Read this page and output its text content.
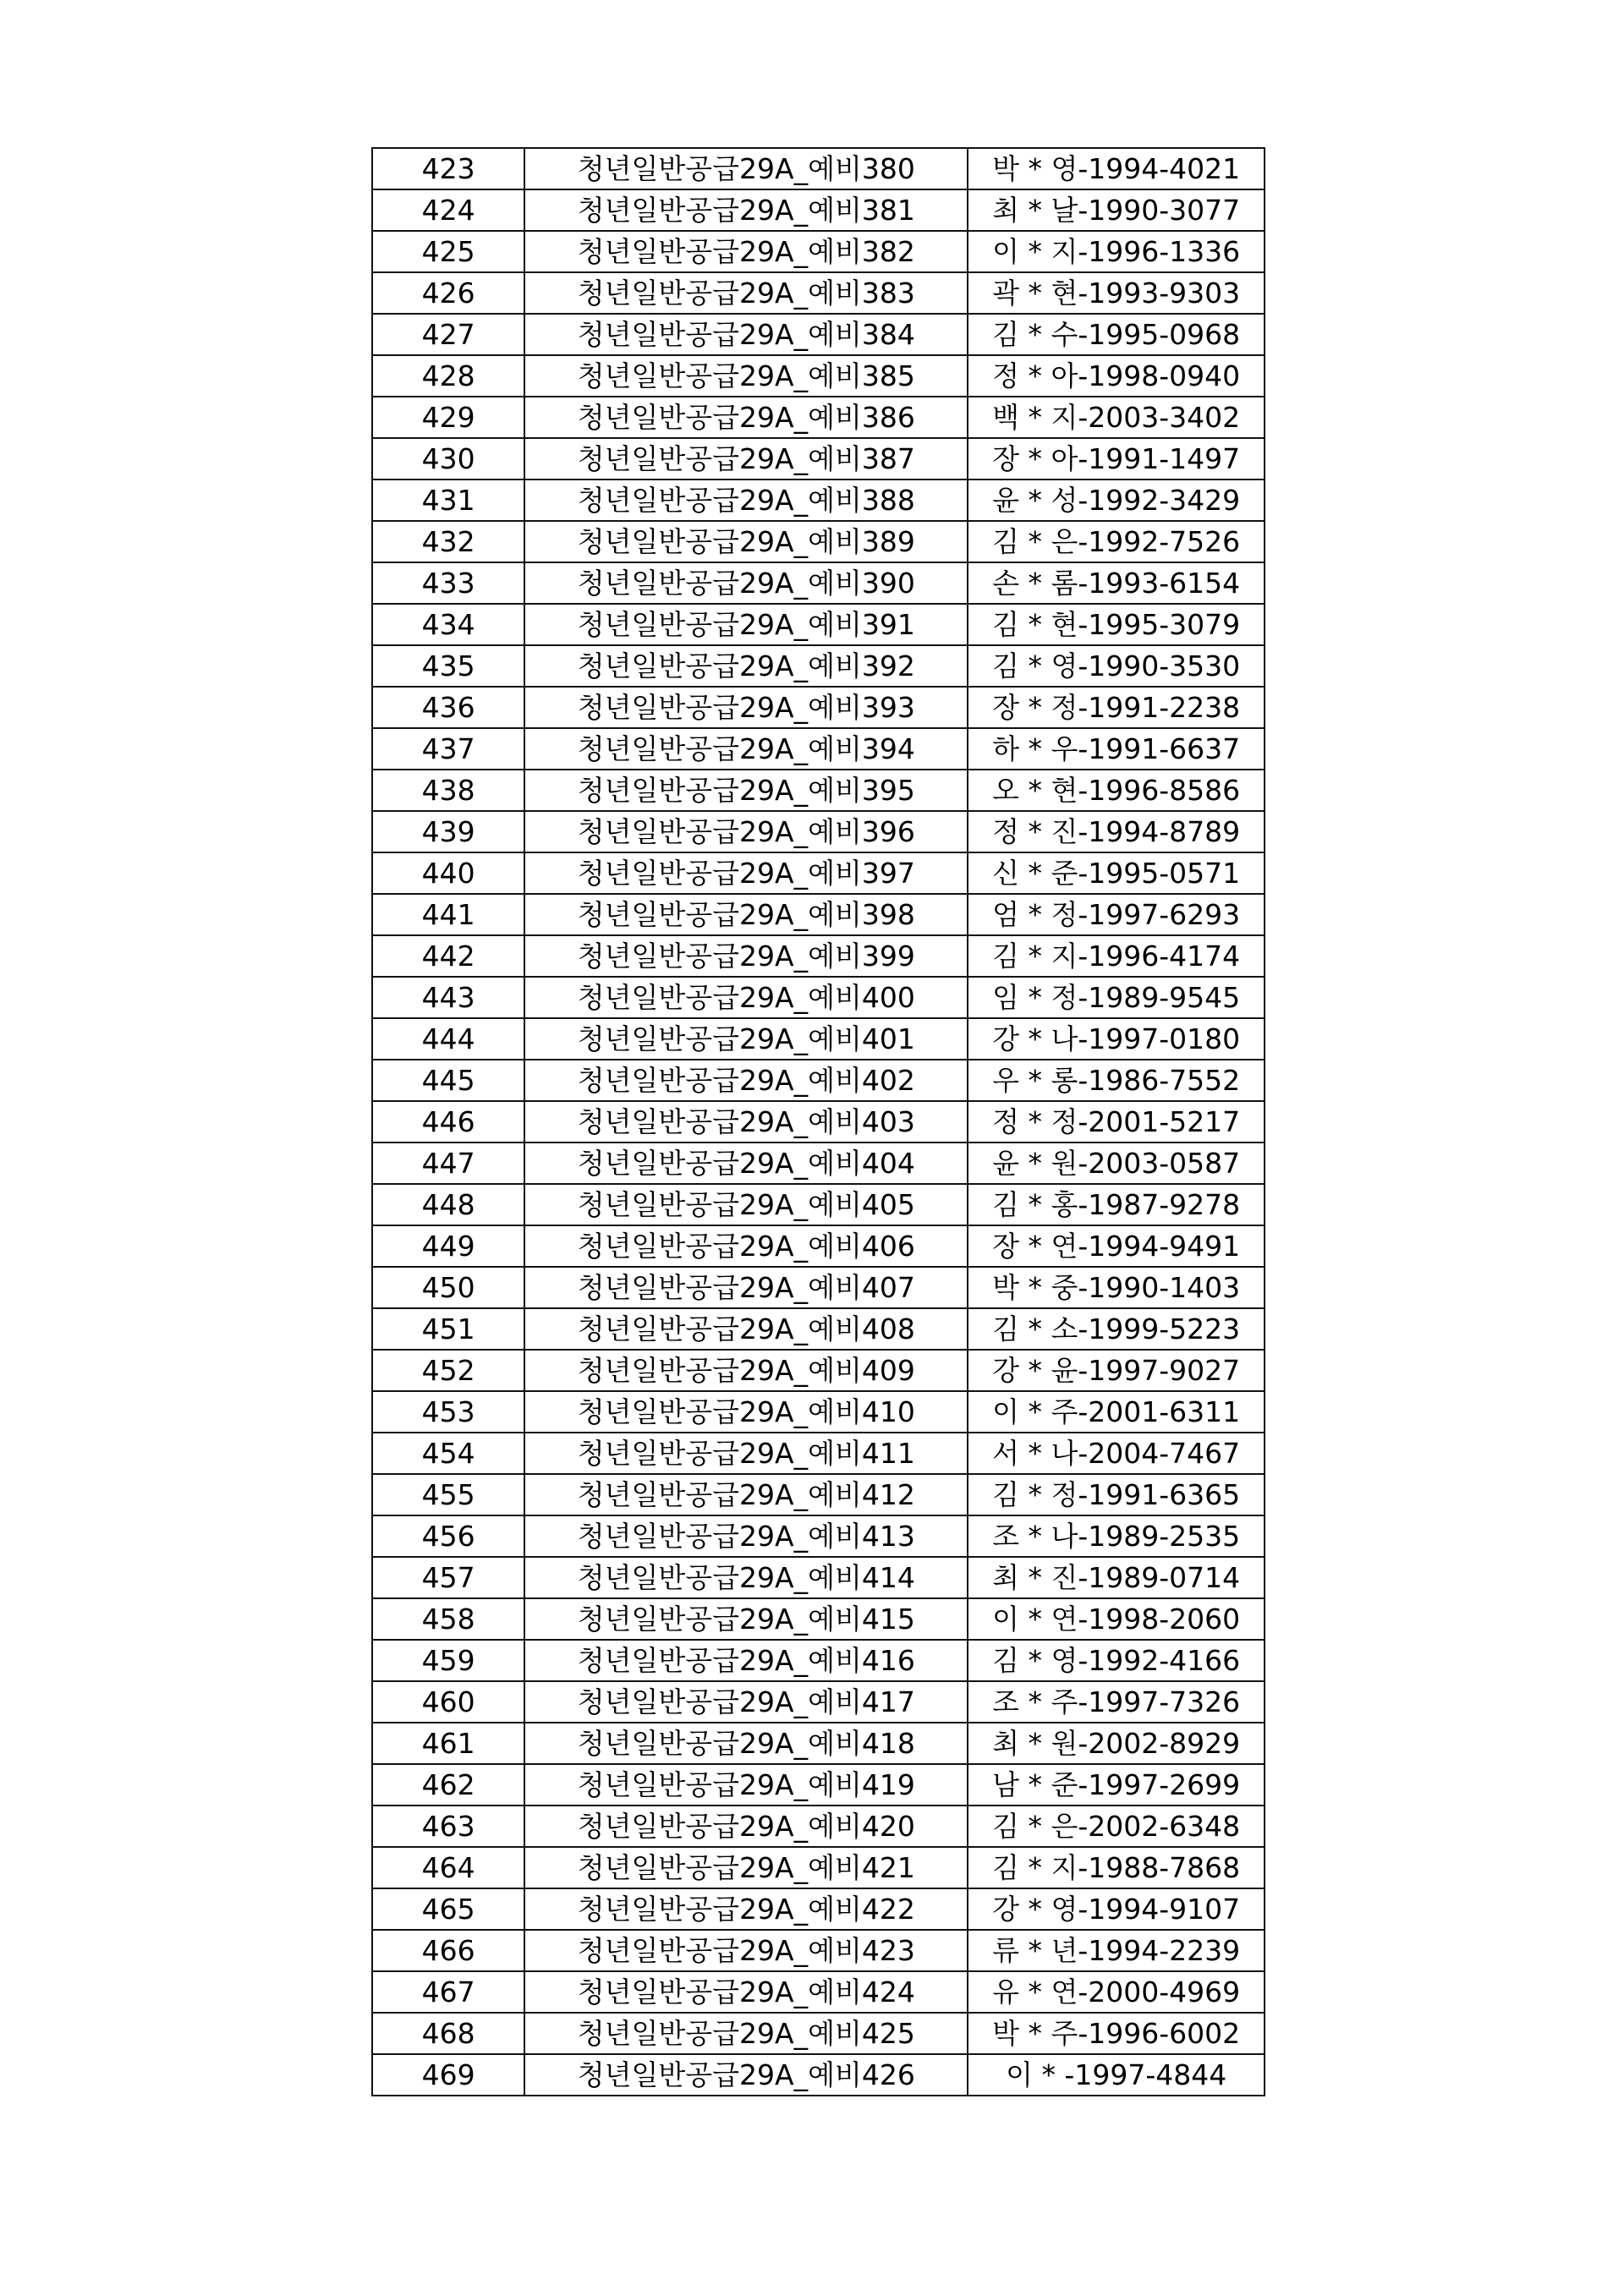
423	청년일반공급29A_예비380	박 * 영-1994-4021
424	청년일반공급29A_예비381	최 * 날-1990-3077
425	청년일반공급29A_예비382	이 * 지-1996-1336
426	청년일반공급29A_예비383	곽 * 현-1993-9303
427	청년일반공급29A_예비384	김 * 수-1995-0968
428	청년일반공급29A_예비385	정 * 아-1998-0940
429	청년일반공급29A_예비386	백 * 지-2003-3402
430	청년일반공급29A_예비387	장 * 아-1991-1497
431	청년일반공급29A_예비388	윤 * 성-1992-3429
432	청년일반공급29A_예비389	김 * 은-1992-7526
433	청년일반공급29A_예비390	손 * 롬-1993-6154
434	청년일반공급29A_예비391	김 * 현-1995-3079
435	청년일반공급29A_예비392	김 * 영-1990-3530
436	청년일반공급29A_예비393	장 * 정-1991-2238
437	청년일반공급29A_예비394	하 * 우-1991-6637
438	청년일반공급29A_예비395	오 * 현-1996-8586
439	청년일반공급29A_예비396	정 * 진-1994-8789
440	청년일반공급29A_예비397	신 * 준-1995-0571
441	청년일반공급29A_예비398	엄 * 정-1997-6293
442	청년일반공급29A_예비399	김 * 지-1996-4174
443	청년일반공급29A_예비400	임 * 정-1989-9545
444	청년일반공급29A_예비401	강 * 나-1997-0180
445	청년일반공급29A_예비402	우 * 롱-1986-7552
446	청년일반공급29A_예비403	정 * 정-2001-5217
447	청년일반공급29A_예비404	윤 * 원-2003-0587
448	청년일반공급29A_예비405	김 * 홍-1987-9278
449	청년일반공급29A_예비406	장 * 연-1994-9491
450	청년일반공급29A_예비407	박 * 중-1990-1403
451	청년일반공급29A_예비408	김 * 소-1999-5223
452	청년일반공급29A_예비409	강 * 윤-1997-9027
453	청년일반공급29A_예비410	이 * 주-2001-6311
454	청년일반공급29A_예비411	서 * 나-2004-7467
455	청년일반공급29A_예비412	김 * 정-1991-6365
456	청년일반공급29A_예비413	조 * 나-1989-2535
457	청년일반공급29A_예비414	최 * 진-1989-0714
458	청년일반공급29A_예비415	이 * 연-1998-2060
459	청년일반공급29A_예비416	김 * 영-1992-4166
460	청년일반공급29A_예비417	조 * 주-1997-7326
461	청년일반공급29A_예비418	최 * 원-2002-8929
462	청년일반공급29A_예비419	남 * 준-1997-2699
463	청년일반공급29A_예비420	김 * 은-2002-6348
464	청년일반공급29A_예비421	김 * 지-1988-7868
465	청년일반공급29A_예비422	강 * 영-1994-9107
466	청년일반공급29A_예비423	류 * 년-1994-2239
467	청년일반공급29A_예비424	유 * 연-2000-4969
468	청년일반공급29A_예비425	박 * 주-1996-6002
469	청년일반공급29A_예비426	이 * -1997-4844
